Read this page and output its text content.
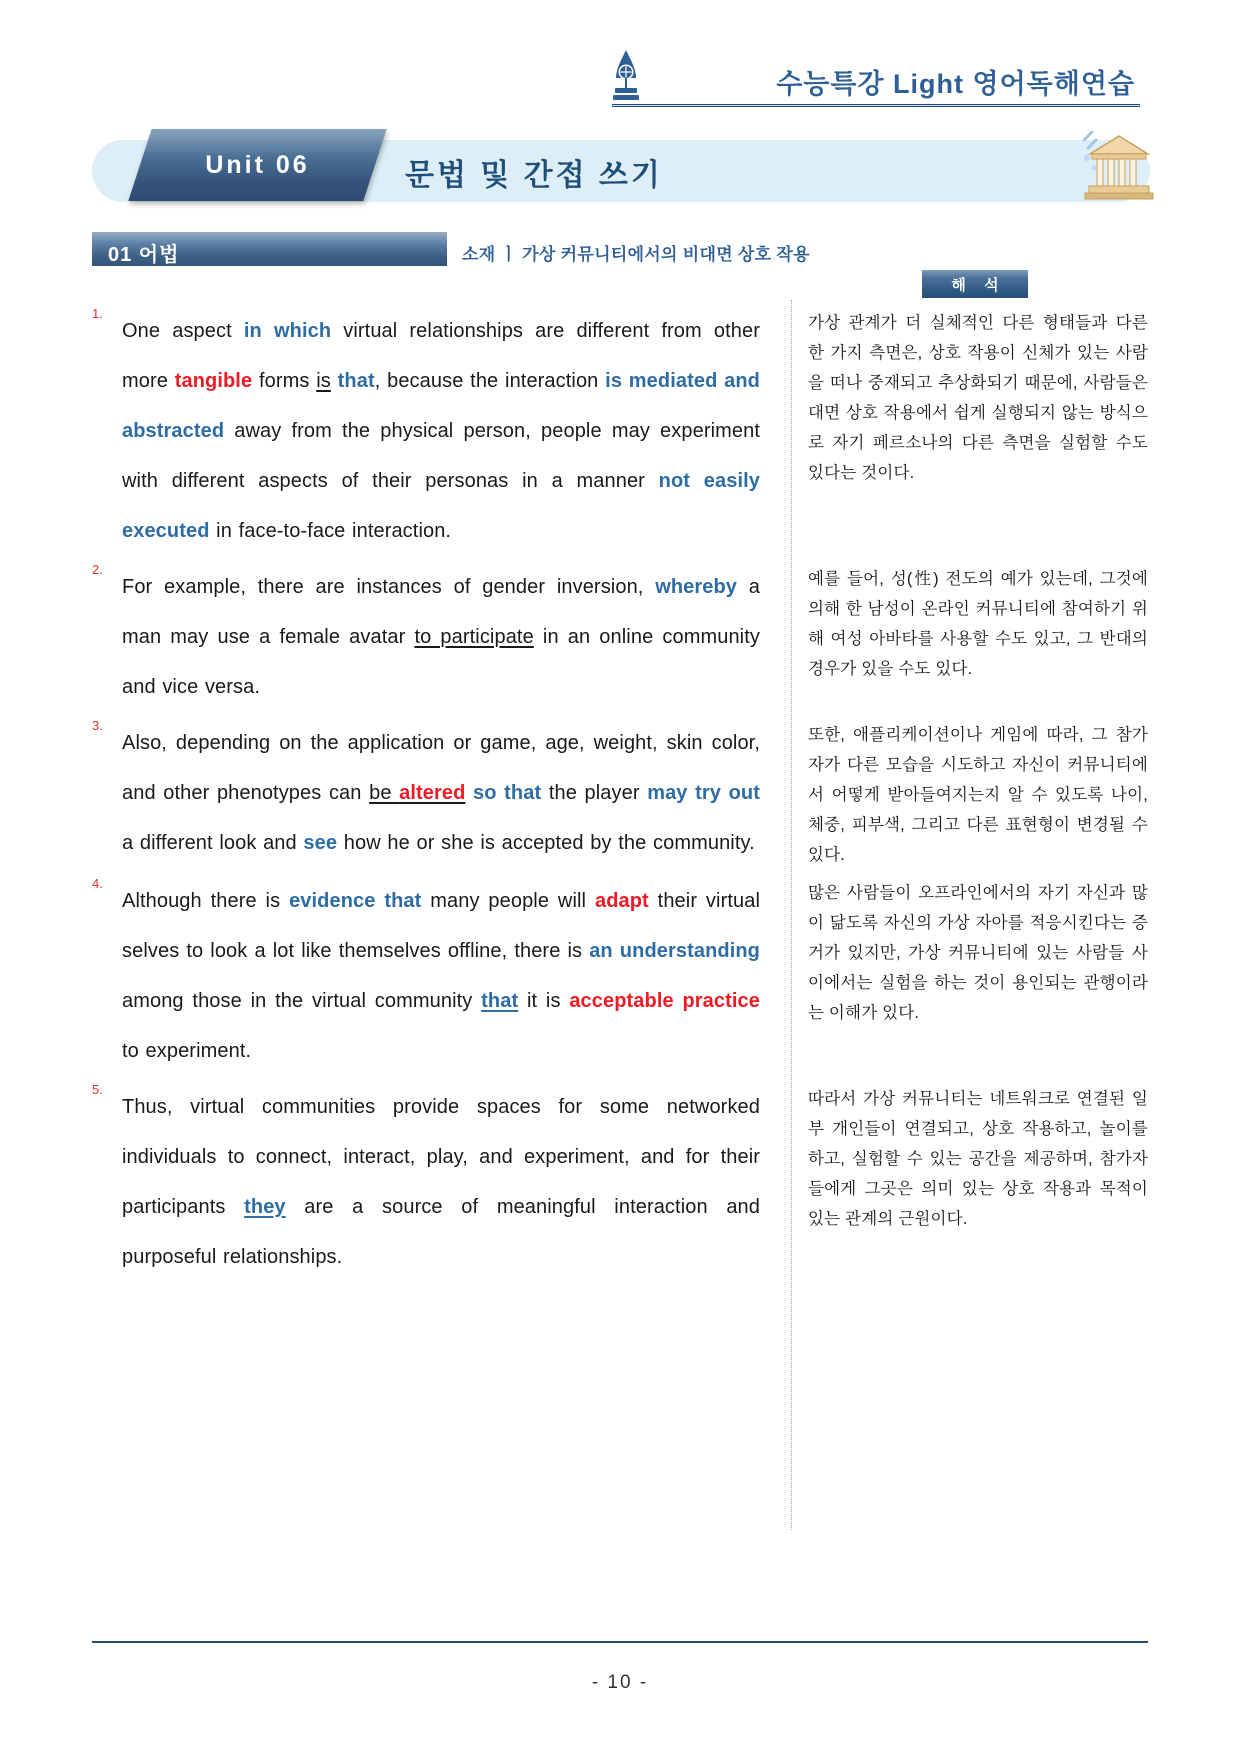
수능특강 Light 영어독해연습
Unit 06	문법 및 간접 쓰기
01 어법	소재 ㅣ 가상 커뮤니티에서의 비대면 상호 작용
해 석
1.
One aspect in which virtual relationships are different from other more tangible forms is that, because the interaction is mediated and abstracted away from the physical person, people may experiment with different aspects of their personas in a manner not easily executed in face-to-face interaction.
가상 관계가 더 실체적인 다른 형태들과 다른 한 가지 측면은, 상호 작용이 신체가 있는 사람을 떠나 중재되고 추상화되기 때문에, 사람들은 대면 상호 작용에서 쉽게 실행되지 않는 방식으로 자기 페르소나의 다른 측면을 실험할 수도 있다는 것이다.
2.
For example, there are instances of gender inversion, whereby a man may use a female avatar to participate in an online community and vice versa.
예를 들어, 성(性) 전도의 예가 있는데, 그것에 의해 한 남성이 온라인 커뮤니티에 참여하기 위해 여성 아바타를 사용할 수도 있고, 그 반대의 경우가 있을 수도 있다.
3.
Also, depending on the application or game, age, weight, skin color, and other phenotypes can be altered so that the player may try out a different look and see how he or she is accepted by the community.
또한, 애플리케이션이나 게임에 따라, 그 참가자가 다른 모습을 시도하고 자신이 커뮤니티에서 어떻게 받아들여지는지 알 수 있도록 나이, 체중, 피부색, 그리고 다른 표현형이 변경될 수 있다.
4.
Although there is evidence that many people will adapt their virtual selves to look a lot like themselves offline, there is an understanding among those in the virtual community that it is acceptable practice to experiment.
많은 사람들이 오프라인에서의 자기 자신과 많이 닮도록 자신의 가상 자아를 적응시킨다는 증거가 있지만, 가상 커뮤니티에 있는 사람들 사이에서는 실험을 하는 것이 용인되는 관행이라는 이해가 있다.
5.
Thus, virtual communities provide spaces for some networked individuals to connect, interact, play, and experiment, and for their participants they are a source of meaningful interaction and purposeful relationships.
따라서 가상 커뮤니티는 네트워크로 연결된 일부 개인들이 연결되고, 상호 작용하고, 놀이를 하고, 실험할 수 있는 공간을 제공하며, 참가자들에게 그곳은 의미 있는 상호 작용과 목적이 있는 관계의 근원이다.
- 10 -
